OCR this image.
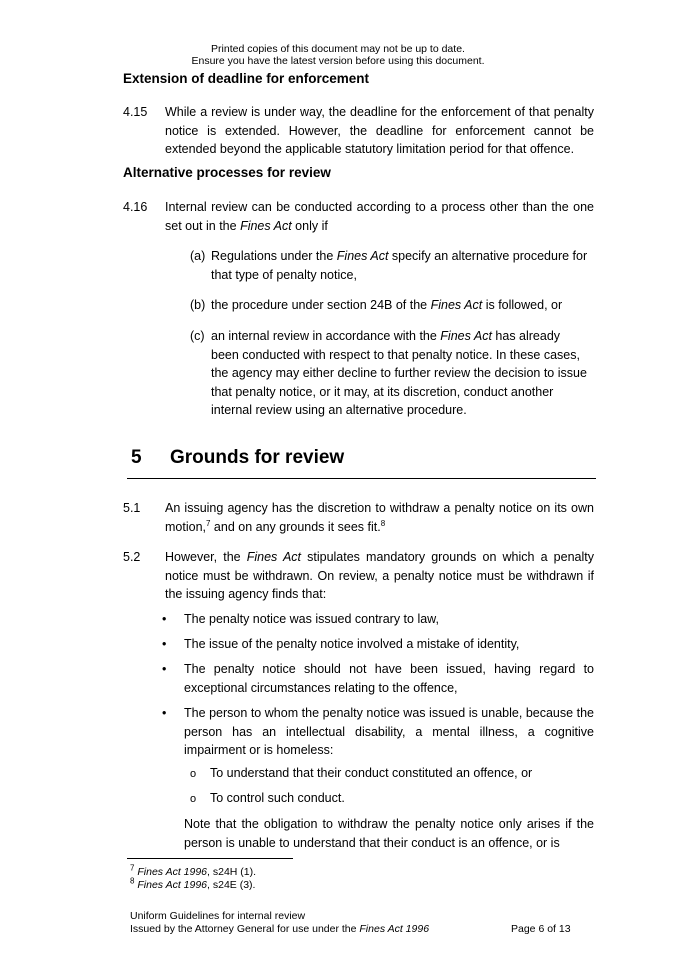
Printed copies of this document may not be up to date.
Ensure you have the latest version before using this document.
Extension of deadline for enforcement
4.15 While a review is under way, the deadline for the enforcement of that penalty notice is extended. However, the deadline for enforcement cannot be extended beyond the applicable statutory limitation period for that offence.
Alternative processes for review
4.16 Internal review can be conducted according to a process other than the one set out in the Fines Act only if
(a) Regulations under the Fines Act specify an alternative procedure for that type of penalty notice,
(b) the procedure under section 24B of the Fines Act is followed, or
(c) an internal review in accordance with the Fines Act has already been conducted with respect to that penalty notice. In these cases, the agency may either decline to further review the decision to issue that penalty notice, or it may, at its discretion, conduct another internal review using an alternative procedure.
5 Grounds for review
5.1 An issuing agency has the discretion to withdraw a penalty notice on its own motion,$^7$ and on any grounds it sees fit.$^8$
5.2 However, the Fines Act stipulates mandatory grounds on which a penalty notice must be withdrawn. On review, a penalty notice must be withdrawn if the issuing agency finds that:
• The penalty notice was issued contrary to law,
• The issue of the penalty notice involved a mistake of identity,
• The penalty notice should not have been issued, having regard to exceptional circumstances relating to the offence,
• The person to whom the penalty notice was issued is unable, because the person has an intellectual disability, a mental illness, a cognitive impairment or is homeless:
o To understand that their conduct constituted an offence, or
o To control such conduct.
Note that the obligation to withdraw the penalty notice only arises if the person is unable to understand that their conduct is an offence, or is
$^7$ Fines Act 1996, s24H (1).
$^8$ Fines Act 1996, s24E (3).
Uniform Guidelines for internal review
Issued by the Attorney General for use under the Fines Act 1996	Page 6 of 13
